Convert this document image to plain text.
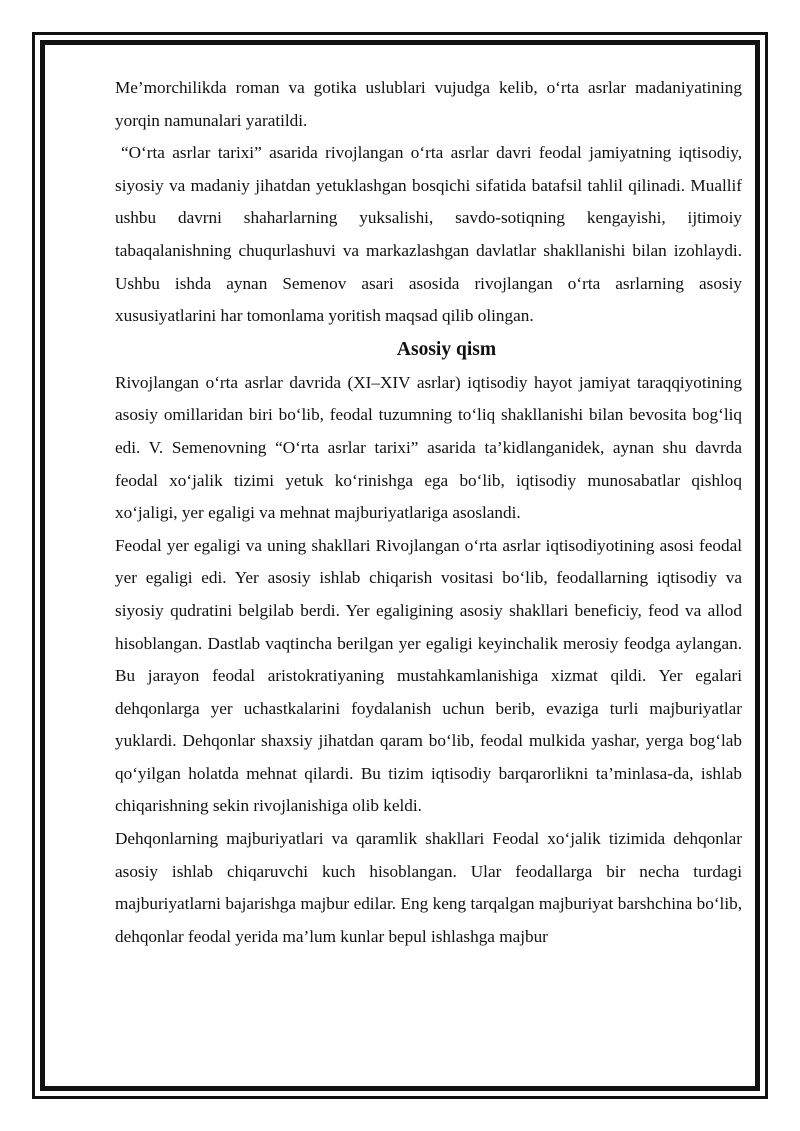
Me’morchilikda roman va gotika uslublari vujudga kelib, o‘rta asrlar madaniyatining yorqin namunalari yaratildi.

“O‘rta asrlar tarixi” asarida rivojlangan o‘rta asrlar davri feodal jamiyatning iqtisodiy, siyosiy va madaniy jihatdan yetuklashgan bosqichi sifatida batafsil tahlil qilinadi. Muallif ushbu davrni shaharlarning yuksalishi, savdo-sotiqning kengayishi, ijtimoiy tabaqalanishning chuqurlashuvi va markazlashgan davlatlar shakllanishi bilan izohlaydi. Ushbu ishda aynan Semenov asari asosida rivojlangan o‘rta asrlarning asosiy xususiyatlarini har tomonlama yoritish maqsad qilib olingan.

Asosiy qism

Rivojlangan o‘rta asrlar davrida (XI–XIV asrlar) iqtisodiy hayot jamiyat taraqqiyotining asosiy omillaridan biri bo‘lib, feodal tuzumning to‘liq shakllanishi bilan bevosita bog‘liq edi. V. Semenovning “O‘rta asrlar tarixi” asarida ta’kidlanganidek, aynan shu davrda feodal xo‘jalik tizimi yetuk ko‘rinishga ega bo‘lib, iqtisodiy munosabatlar qishloq xo‘jaligi, yer egaligi va mehnat majburiyatlariga asoslandi.

Feodal yer egaligi va uning shakllari Rivojlangan o‘rta asrlar iqtisodiyotining asosi feodal yer egaligi edi. Yer asosiy ishlab chiqarish vositasi bo‘lib, feodallarning iqtisodiy va siyosiy qudratini belgilab berdi. Yer egaligining asosiy shakllari beneficiy, feod va allod hisoblangan. Dastlab vaqtincha berilgan yer egaligi keyinchalik merosiy feodga aylangan. Bu jarayon feodal aristokratiyaning mustahkamlanishiga xizmat qildi. Yer egalari dehqonlarga yer uchastkalarini foydalanish uchun berib, evaziga turli majburiyatlar yuklardi. Dehqonlar shaxsiy jihatdan qaram bo‘lib, feodal mulkida yashar, yerga bog‘lab qo‘yilgan holatda mehnat qilardi. Bu tizim iqtisodiy barqarorlikni ta’minlasa-da, ishlab chiqarishning sekin rivojlanishiga olib keldi.

Dehqonlarning majburiyatlari va qaramlik shakllari Feodal xo‘jalik tizimida dehqonlar asosiy ishlab chiqaruvchi kuch hisoblangan. Ular feodallarga bir necha turdagi majburiyatlarni bajarishga majbur edilar. Eng keng tarqalgan majburiyat barshchina bo‘lib, dehqonlar feodal yerida ma’lum kunlar bepul ishlashga majbur
